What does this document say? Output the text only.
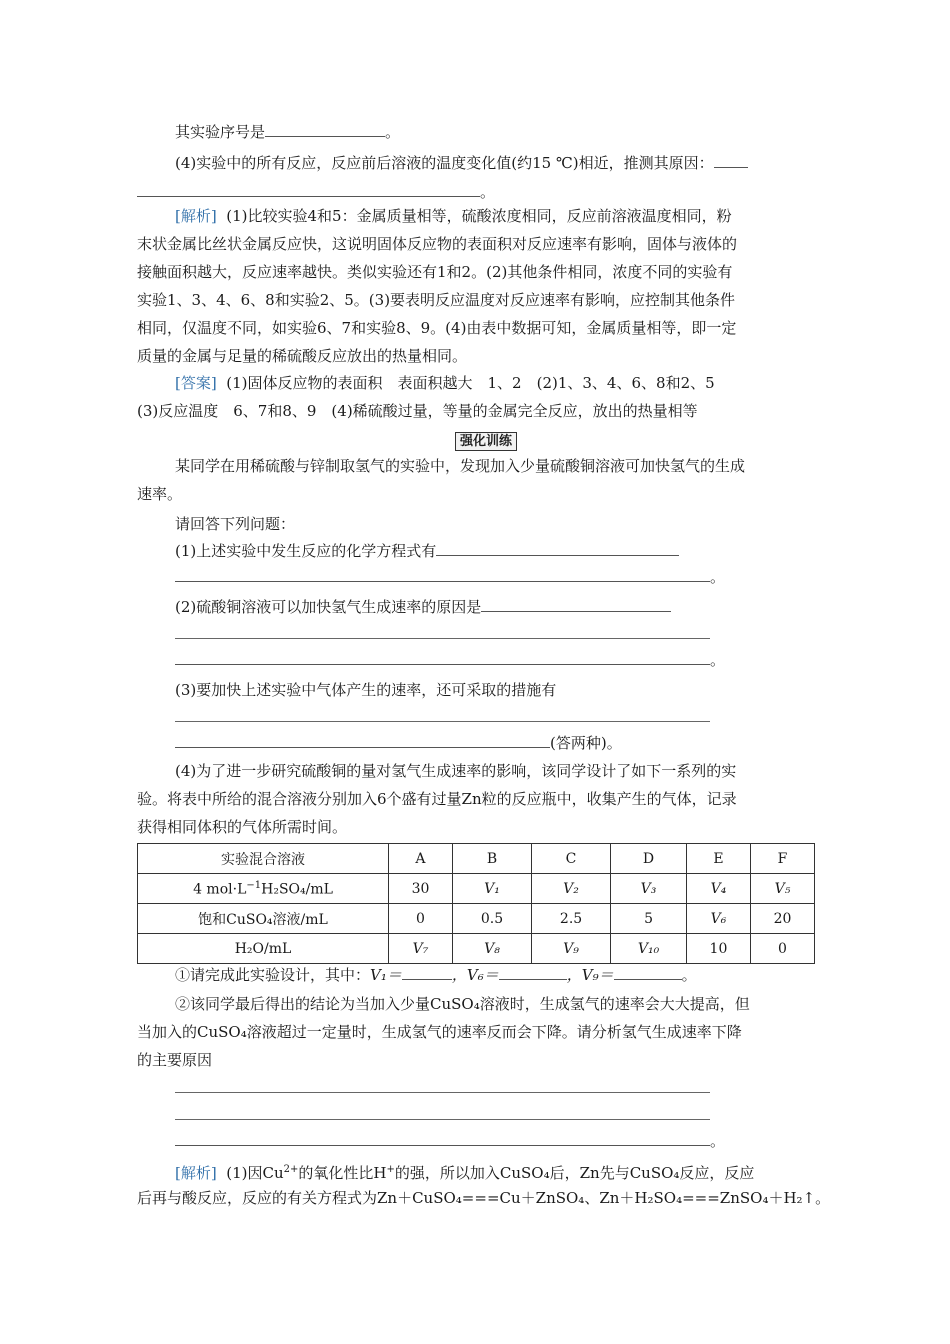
其实验序号是	。
(4)实验中的所有反应，反应前后溶液的温度变化值(约15 ℃)相近，推测其原因：
。
[解析] (1)比较实验4和5：金属质量相等，硫酸浓度相同，反应前溶液温度相同，粉
末状金属比丝状金属反应快，这说明固体反应物的表面积对反应速率有影响，固体与液体的
接触面积越大，反应速率越快。类似实验还有1和2。(2)其他条件相同，浓度不同的实验有
实验1、3、4、6、8和实验2、5。(3)要表明反应温度对反应速率有影响，应控制其他条件
相同，仅温度不同，如实验6、7和实验8、9。(4)由表中数据可知，金属质量相等，即一定
质量的金属与足量的稀硫酸反应放出的热量相同。
[答案] (1)固体反应物的表面积　表面积越大　1、2　(2)1、3、4、6、8和2、5
(3)反应温度　6、7和8、9　(4)稀硫酸过量，等量的金属完全反应，放出的热量相等
强化训练
某同学在用稀硫酸与锌制取氢气的实验中，发现加入少量硫酸铜溶液可加快氢气的生成
速率。
请回答下列问题：
(1)上述实验中发生反应的化学方程式有
。
(2)硫酸铜溶液可以加快氢气生成速率的原因是
。
(3)要加快上述实验中气体产生的速率，还可采取的措施有
(答两种)。
(4)为了进一步研究硫酸铜的量对氢气生成速率的影响，该同学设计了如下一系列的实
验。将表中所给的混合溶液分别加入6个盛有过量Zn粒的反应瓶中，收集产生的气体，记录
获得相同体积的气体所需时间。
实验混合溶液	A	B	C	D	E	F
4 $mol\cdot L^{-1}H_2SO_4/mL$	30	V₁	V₂	V₃	V₄	V₅
饱和CuSO₄溶液/mL	0	0.5	2.5	5	V₆	20
H₂O/mL	V₇	V₈	V₉	V₁₀	10	0
①请完成此实验设计，其中：V₁＝	，V₆＝	，V₉＝	。
②该同学最后得出的结论为当加入少量CuSO₄溶液时，生成氢气的速率会大大提高，但
当加入的CuSO₄溶液超过一定量时，生成氢气的速率反而会下降。请分析氢气生成速率下降
的主要原因
。
[解析] (1)因$Cu^{2+}$的氧化性比H+的强，所以加入CuSO₄后，Zn先与CuSO₄反应，反应
后再与酸反应，反应的有关方程式为Zn＋CuSO₄===Cu＋ZnSO₄、Zn＋H₂SO₄===ZnSO₄＋H₂↑。
